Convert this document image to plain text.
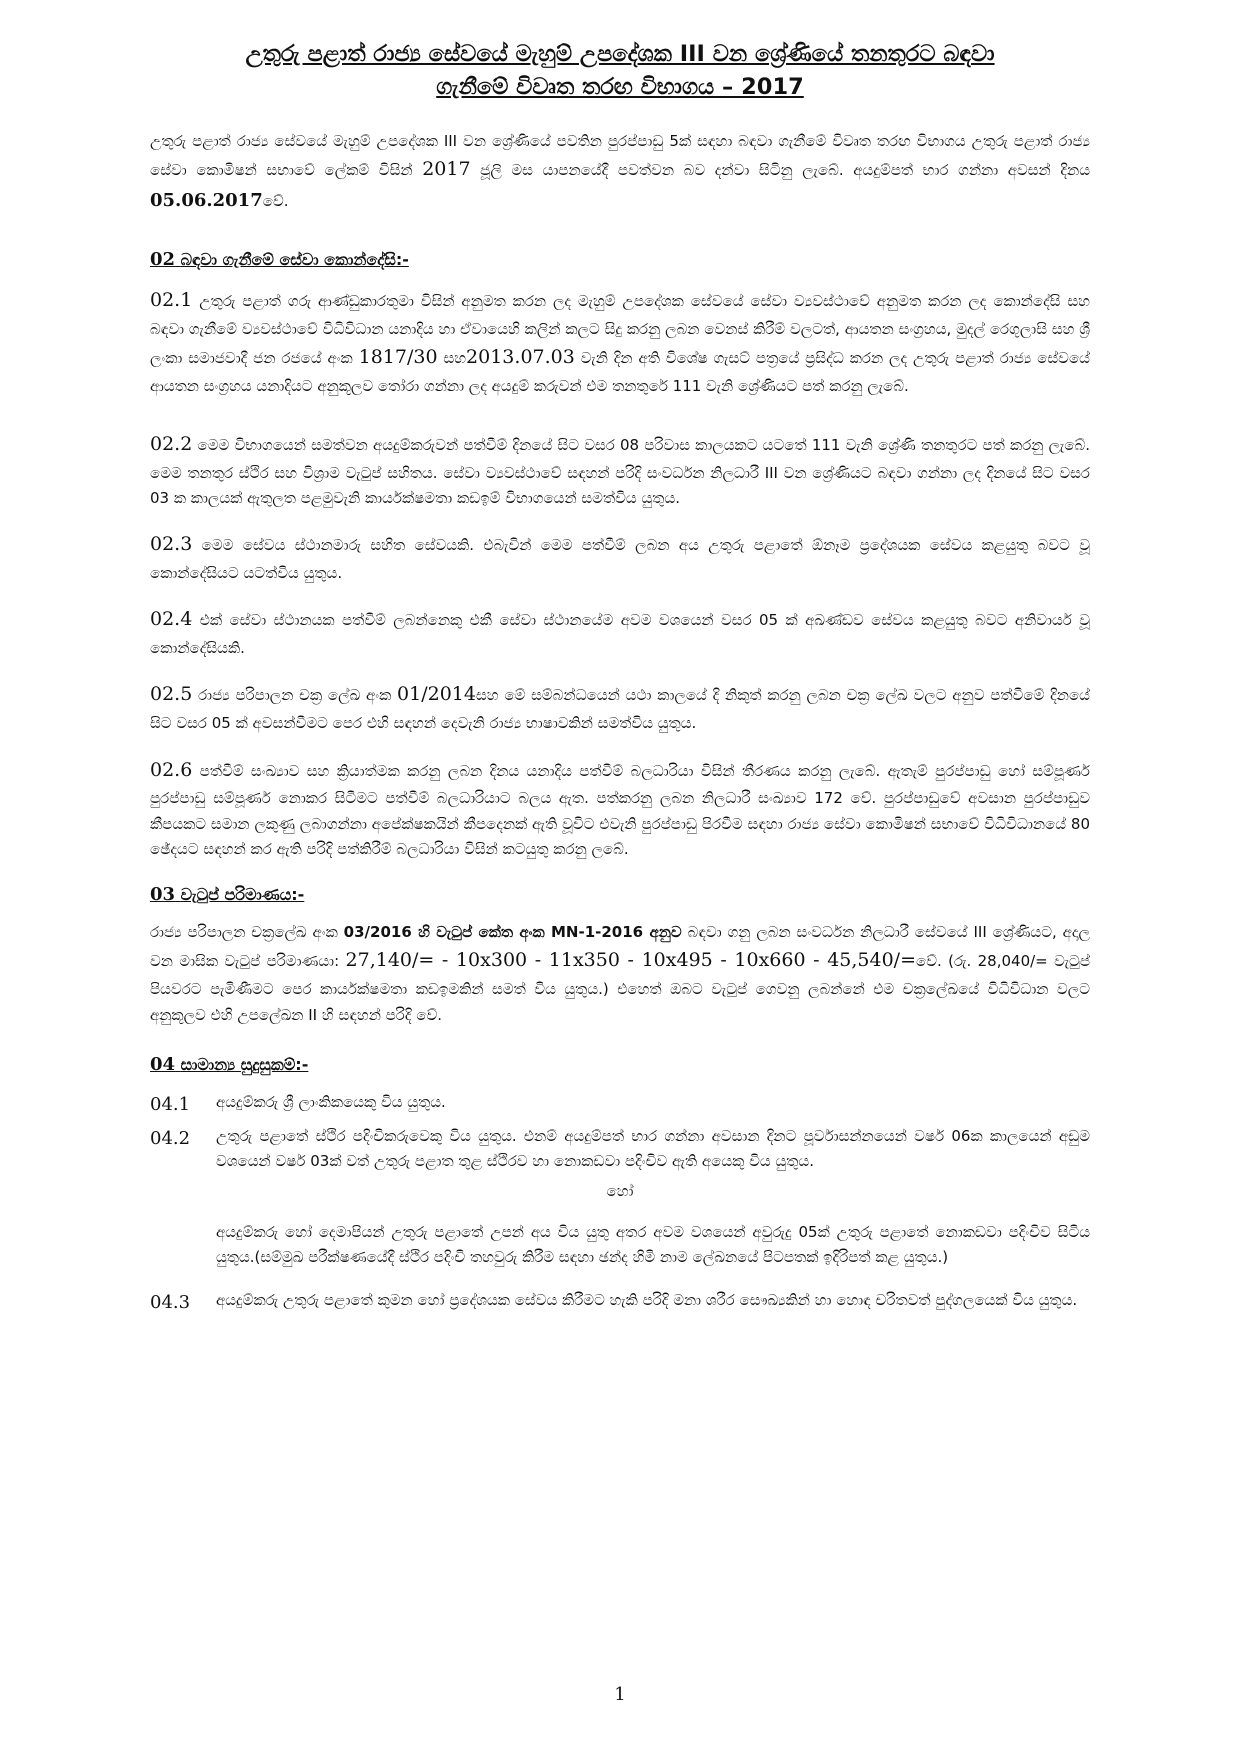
උතුරු පළාත් රාජ්‍ය සේවයේ මැහුම් උපදේශක III වන ශ්‍රේණියේ තනතුරට බඳවා
ගැනීමේ විවෘත තරඟ විභාගය – 2017

උතුරු පළාත් රාජ්‍ය සේවයේ මැහුම් උපදේශක III වන ශ්‍රේණියේ පවතින පුරප්පාඩු 5ක් සඳහා බඳවා ගැනීමේ විවෘත තරඟ විභාගය උතුරු පළාත් රාජ්‍ය සේවා කොමිෂන් සභාවේ ලේකම් විසින් 2017 ජූලි මස යාපනයේදී පවත්වන බව දන්වා සිටිනු ලැබේ. අයදුම්පත් භාර ගන්නා අවසන් දිනය 05.06.2017වේ.

02 බඳවා ගැනීමේ සේවා කොන්දේසි:-

02.1 උතුරු පළාත් ගරු ආණ්ඩුකාරතුමා විසින් අනුමත කරන ලද මැහුම් උපදේශක සේවයේ සේවා ව්‍යවස්ථාවේ අනුමත කරන ලද කොන්දේසි සහ බඳවා ගැනීමේ ව්‍යවස්ථාවේ විධිවිධාන යනාදිය හා ඒවායෙහි කලින් කලට සිදු කරනු ලබන වෙනස් කිරීම් වලටත්, ආයතන සංග්‍රහය, මුදල් රෙගුලාසි සහ ශ්‍රී ලංකා සමාජවාදී ජන රජයේ අංක 1817/30 සහ2013.07.03 වැනි දින අති විශේෂ ගැසට් පත්‍රයේ ප්‍රසිද්ධ කරන ලද උතුරු පළාත් රාජ්‍ය සේවයේ ආයතන සංග්‍රහය යනාදියට අනුකූලව තෝරා ගන්නා ලද අයදුම් කරුවන් එම තනතුරේ 111 වැනි ශ්‍රේණියට පත් කරනු ලැබේ.

02.2 මෙම විභාගයෙන් සමත්වන අයදුම්කරුවන් පත්වීම් දිනයේ සිට වසර 08 පරිවාස කාලයකට යටතේ 111 වැනි ශ්‍රේණි තනතුරට පත් කරනු ලැබේ. මෙම තනතුර ස්ථිර සහ විශ්‍රාම වැටුප් සහිතය. සේවා ව්‍යවස්ථාවේ සඳහන් පරිදි සංවර්ධන නිලධාරී III වන ශ්‍රේණියට බඳවා ගන්නා ලද දිනයේ සිට වසර 03 ක කාලයක් ඇතුලත පළමුවැනි කාර්යක්ෂමතා කඩඉම් විභාගයෙන් සමත්විය යුතුය.

02.3 මෙම සේවය ස්ථානමාරු සහිත සේවයකි. එබැවින් මෙම පත්වීම් ලබන අය උතුරු පළාතේ ඕනෑම ප්‍රදේශයක සේවය කළයුතු බවට වූ කොන්දේසියට යටත්විය යුතුය.

02.4 එක් සේවා ස්ථානයක පත්වීම් ලබන්නෙකු එකී සේවා ස්ථානයේම අවම වශයෙන් වසර 05 ක් අඛණ්ඩව සේවය කළයුතු බවට අනිවාර්ය වූ කොන්දේසියකි.

02.5 රාජ්‍ය පරිපාලන චක්‍ර ලේඛ අංක 01/2014සහ මේ සම්බන්ධයෙන් යථා කාලයේ දි නිකුත් කරනු ලබන චක්‍ර ලේඛ වලට අනුව පත්වීමේ දිනයේ සිට වසර 05 ක් අවසන්වීමට පෙර එහි සඳහන් දෙවැනි රාජ්‍ය භාෂාවකින් සමත්විය යුතුය.

02.6 පත්වීම් සංඛ්‍යාව සහ ක්‍රියාත්මක කරනු ලබන දිනය යනාදිය පත්වීම් බලධාරියා විසින් තීරණය කරනු ලැබේ. ඇතැම් පුරප්පාඩු හෝ සම්පූර්ණ පුරප්පාඩු සම්පූර්ණ නොකර සිටීමට පත්වීම් බලධාරියාට බලය ඇත. පත්කරනු ලබන නිලධාරී සංඛ්‍යාව 172 වේ. පුරප්පාඩුවේ අවසාන පුරප්පාඩුව කීපයකට සමාන ලකුණු ලබාගන්නා අපේක්ෂකයින් කීපදෙනක් ඇති වූවිට එවැනි පුරප්පාඩු පිරවීම සඳහා රාජ්‍ය සේවා කොමිෂන් සභාවේ විධිවිධානයේ 80 ඡේදයට සඳහන් කර ඇති පරිදි පත්කිරීම් බලධාරියා විසින් කටයුතු කරනු ලබේ.

03 වැටුප් පරිමාණය:-

රාජ්‍ය පරිපාලන චක්‍රලේඛ අංක 03/2016 හි වැටුප් කේත අංක MN-1-2016 අනුව බඳවා ගනු ලබන සංවර්ධන නිලධාරී සේවයේ III ශ්‍රේණියට, අදාල වන මාසික වැටුප් පරිමාණයා: 27,140/= - 10x300 - 11x350 - 10x495 - 10x660 - 45,540/=වේ. (රු. 28,040/= වැටුප් පියවරට පැමිණීමට පෙර කාර්යක්ෂමතා කඩඉමකින් සමත් විය යුතුය.) එහෙත් ඔබට වැටුප් ගෙවනු ලබන්නේ එම චක්‍රලේඛයේ විධිවිධාන වලට අනුකූලව එහි උපලේඛන II හි සඳහන් පරිදි වේ.

04 සාමාන්‍ය සුදුසුකම්:-
04.1	අයදුම්කරු ශ්‍රී ලාංකිකයෙකු විය යුතුය.
04.2	උතුරු පළාතේ ස්ථිර පදිංචිකරුවෙකු විය යුතුය. එනම් අයදුම්පත් භාර ගන්නා අවසාන දිනට පූර්වාසන්නයෙන් වර්ෂ 06ක කාලයෙන් අඩුම වශයෙන් වර්ෂ 03ක් වත් උතුරු පළාත තුළ ස්ථිරව හා නොකඩවා පදිංචිව ඇති අයෙකු විය යුතුය.
හෝ

අයදුම්කරු හෝ දෙමාපියන් උතුරු පළාතේ උපන් අය විය යුතු අතර අවම වශයෙන් අවුරුදු 05ක් උතුරු පළාතේ නොකඩවා පදිංචිව සිටිය යුතුය.(සම්මුඛ පරීක්ෂණයේදී ස්ථිර පදිංචි තහවුරු කිරීම සඳහා ඡන්ද හිමි නාම ලේඛනයේ පිටපතක් ඉදිරිපත් කළ යුතුය.)

04.3	අයදුම්කරු උතුරු පළාතේ කුමන හෝ ප්‍රදේශයක සේවය කිරීමට හැකි පරිදි මනා ශරීර සෞඛ්‍යකින් හා හොඳ චරිතවත් පුද්ගලයෙක් විය යුතුය.
1
